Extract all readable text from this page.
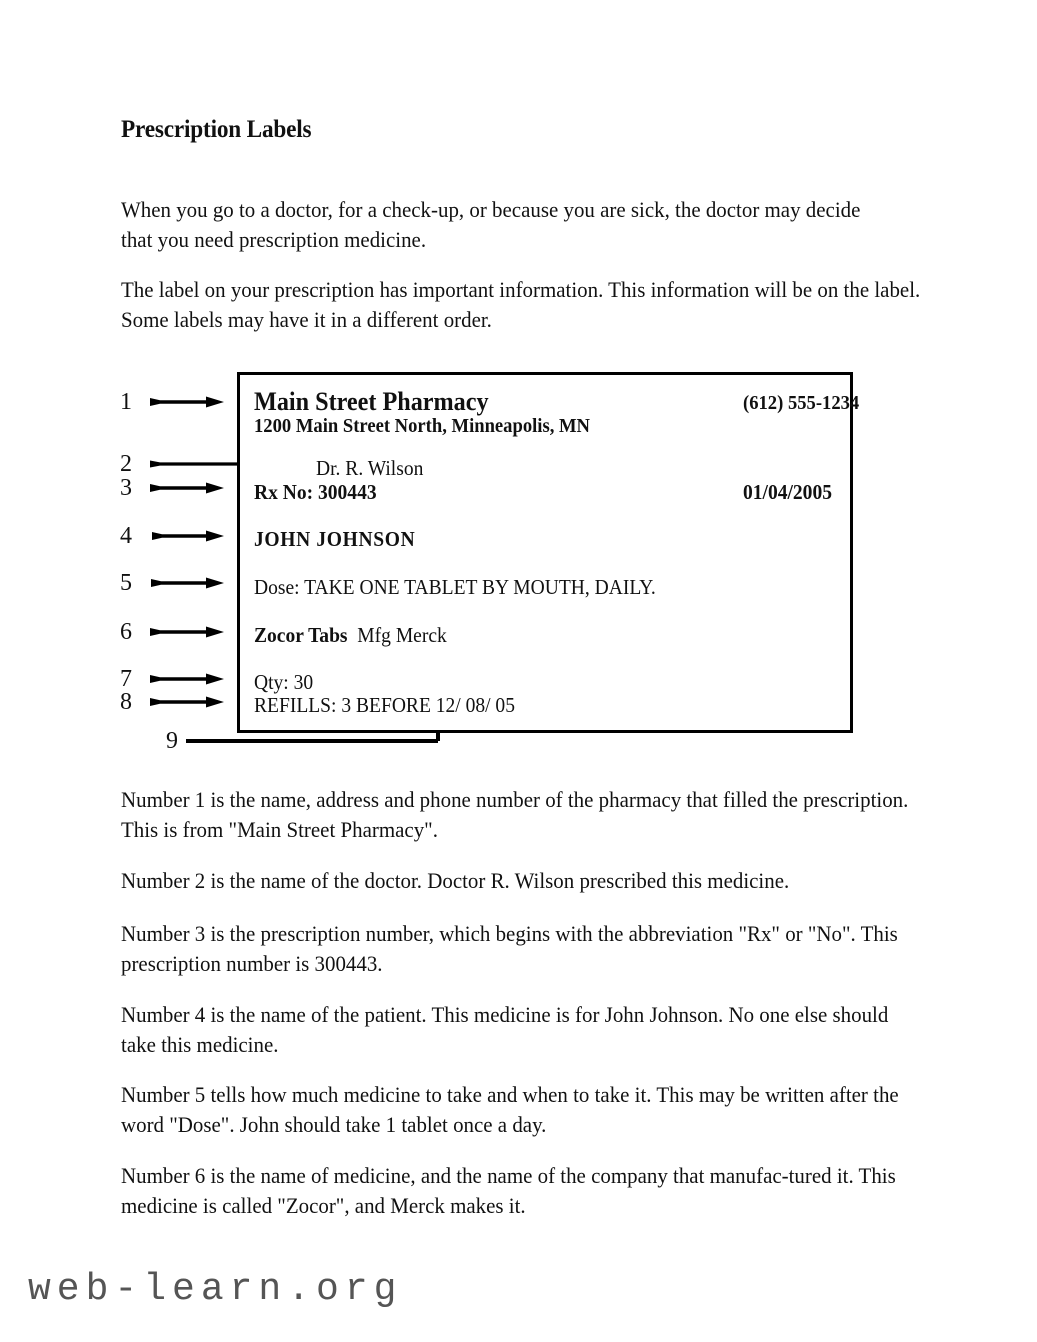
Prescription Labels
When you go to a doctor, for a check-up, or because you are sick, the doctor may decide that you need prescription medicine.
The label on your prescription has important information. This information will be on the label. Some labels may have it in a different order.
1
2
3
4
5
6
7
8
9
Main Street Pharmacy	(612) 555-1234
1200 Main Street North, Minneapolis, MN
Dr. R. Wilson
Rx No: 300443	01/04/2005
JOHN JOHNSON
Dose: TAKE ONE TABLET BY MOUTH, DAILY.
Zocor Tabs Mfg Merck
Qty: 30
REFILLS: 3 BEFORE 12/ 08/ 05
Number 1 is the name, address and phone number of the pharmacy that filled the prescription. This is from "Main Street Pharmacy".
Number 2 is the name of the doctor. Doctor R. Wilson prescribed this medicine.
Number 3 is the prescription number, which begins with the abbreviation "Rx" or "No". This prescription number is 300443.
Number 4 is the name of the patient. This medicine is for John Johnson. No one else should take this medicine.
Number 5 tells how much medicine to take and when to take it. This may be written after the word "Dose". John should take 1 tablet once a day.
Number 6 is the name of medicine, and the name of the company that manufac-tured it. This medicine is called "Zocor", and Merck makes it.
web-learn.org
